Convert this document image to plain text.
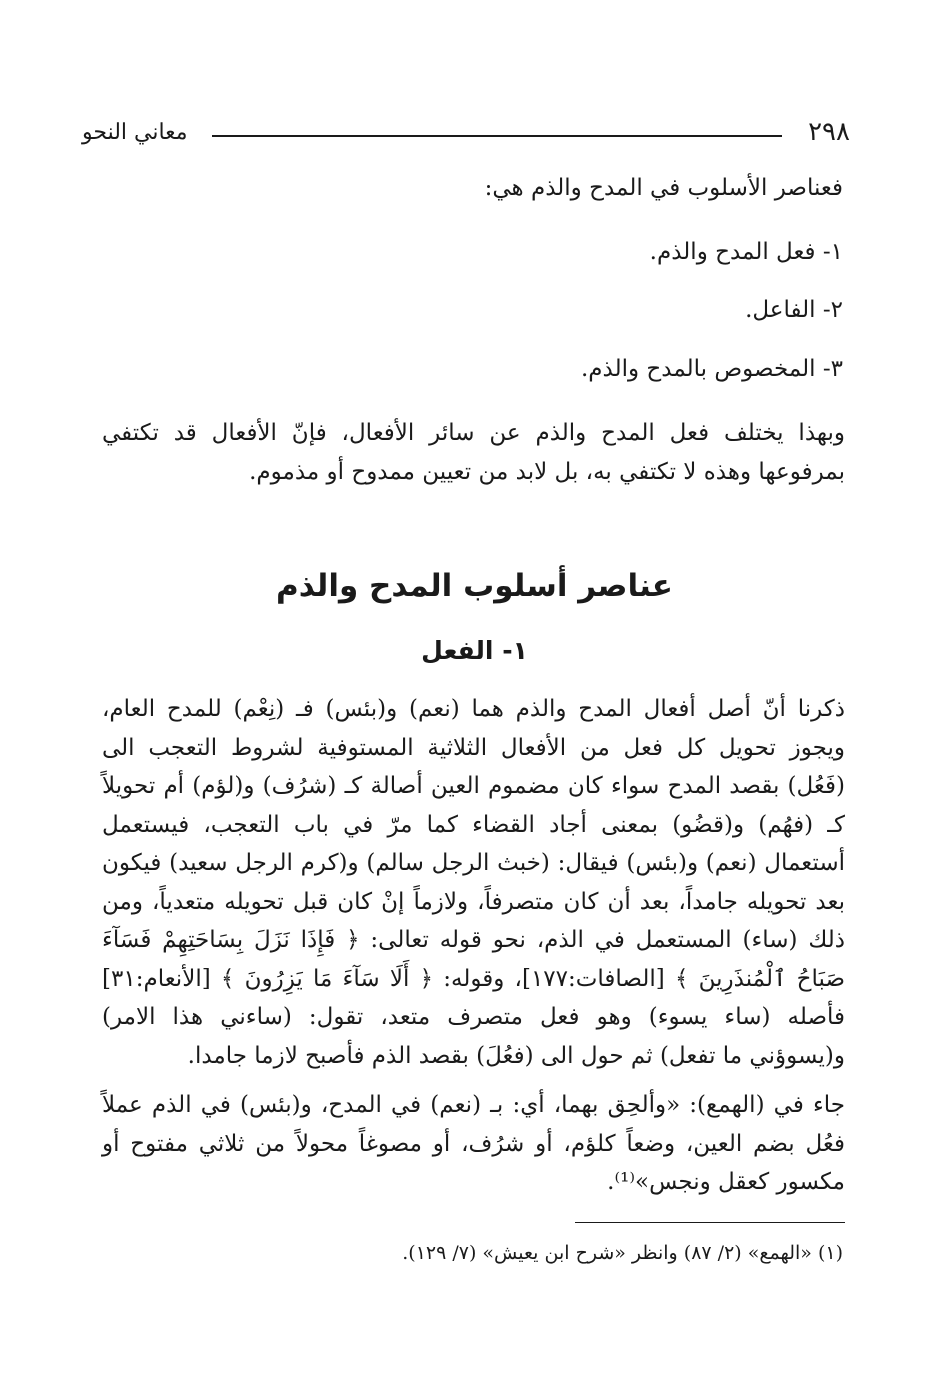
٢٩٨
معاني النحو
فعناصر الأسلوب في المدح والذم هي:
١- فعل المدح والذم.
٢- الفاعل.
٣- المخصوص بالمدح والذم.
وبهذا يختلف فعل المدح والذم عن سائر الأفعال، فإنّ الأفعال قد تكتفي بمرفوعها وهذه لا تكتفي به، بل لابد من تعيين ممدوح أو مذموم.
عناصر أسلوب المدح والذم
١- الفعل
ذكرنا أنّ أصل أفعال المدح والذم هما (نعم) و(بئس) فـ (نِعْم) للمدح العام، ويجوز تحويل كل فعل من الأفعال الثلاثية المستوفية لشروط التعجب الى (فَعُل) بقصد المدح سواء كان مضموم العين أصالة كـ (شرُف) و(لؤم) أم تحويلاً كـ (فهُم) و(قضُو) بمعنى أجاد القضاء كما مرّ في باب التعجب، فيستعمل أستعمال (نعم) و(بئس) فيقال: (خبث الرجل سالم) و(كرم الرجل سعيد) فيكون بعد تحويله جامداً، بعد أن كان متصرفاً، ولازماً إنْ كان قبل تحويله متعدياً، ومن ذلك (ساء) المستعمل في الذم، نحو قوله تعالى: ﴿ فَإِذَا نَزَلَ بِسَاحَتِهِمْ فَسَآءَ صَبَاحُ ٱلْمُنذَرِينَ ﴾ [الصافات:١٧٧]، وقوله: ﴿ أَلَا سَآءَ مَا يَزِرُونَ ﴾ [الأنعام:٣١] فأصله (ساء يسوء) وهو فعل متصرف متعد، تقول: (ساءني هذا الامر) و(يسوؤني ما تفعل) ثم حول الى (فعُلَ) بقصد الذم فأصبح لازما جامدا.
جاء في (الهمع): «وألحِق بهما، أي: بـ (نعم) في المدح، و(بئس) في الذم عملاً فعُل بضم العين، وضعاً كلؤم، أو شرُف، أو مصوغاً محولاً من ثلاثي مفتوح أو مكسور كعقل ونجس»⁽¹⁾.
(١) «الهمع» (٢/ ٨٧) وانظر «شرح ابن يعيش» (٧/ ١٢٩).
